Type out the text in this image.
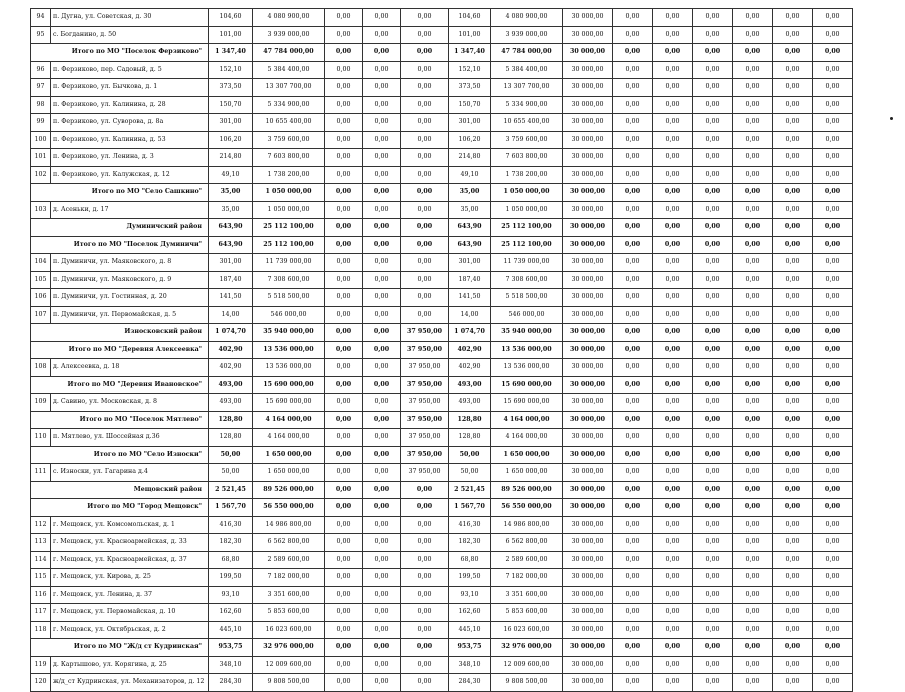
94	п. Дугна, ул. Советская, д. 30	104,60	4 080 900,00	0,00	0,00	0,00	104,60	4 080 900,00	30 000,00	0,00	0,00	0,00	0,00	0,00	0,00
95	с. Богданино, д. 50	101,00	3 939 000,00	0,00	0,00	0,00	101,00	3 939 000,00	30 000,00	0,00	0,00	0,00	0,00	0,00	0,00
Итого по МО "Поселок Ферзиково"		1 347,40	47 784 000,00	0,00	0,00	0,00	1 347,40	47 784 000,00	30 000,00	0,00	0,00	0,00	0,00	0,00	0,00
96	п. Ферзиково, пер. Садовый, д. 5	152,10	5 384 400,00	0,00	0,00	0,00	152,10	5 384 400,00	30 000,00	0,00	0,00	0,00	0,00	0,00	0,00
97	п. Ферзиково, ул. Бычкова, д. 1	373,50	13 307 700,00	0,00	0,00	0,00	373,50	13 307 700,00	30 000,00	0,00	0,00	0,00	0,00	0,00	0,00
98	п. Ферзиково, ул. Калинина, д. 28	150,70	5 334 900,00	0,00	0,00	0,00	150,70	5 334 900,00	30 000,00	0,00	0,00	0,00	0,00	0,00	0,00
99	п. Ферзиково, ул. Суворова, д. 8а	301,00	10 655 400,00	0,00	0,00	0,00	301,00	10 655 400,00	30 000,00	0,00	0,00	0,00	0,00	0,00	0,00
100	п. Ферзиково, ул. Калинина, д. 53	106,20	3 759 600,00	0,00	0,00	0,00	106,20	3 759 600,00	30 000,00	0,00	0,00	0,00	0,00	0,00	0,00
101	п. Ферзиково, ул. Ленина, д. 3	214,80	7 603 800,00	0,00	0,00	0,00	214,80	7 603 800,00	30 000,00	0,00	0,00	0,00	0,00	0,00	0,00
102	п. Ферзиково, ул. Калужская, д. 12	49,10	1 738 200,00	0,00	0,00	0,00	49,10	1 738 200,00	30 000,00	0,00	0,00	0,00	0,00	0,00	0,00
Итого по МО "Село Сашкино"		35,00	1 050 000,00	0,00	0,00	0,00	35,00	1 050 000,00	30 000,00	0,00	0,00	0,00	0,00	0,00	0,00
103	д. Асеньки, д. 17	35,00	1 050 000,00	0,00	0,00	0,00	35,00	1 050 000,00	30 000,00	0,00	0,00	0,00	0,00	0,00	0,00
Думиничский район		643,90	25 112 100,00	0,00	0,00	0,00	643,90	25 112 100,00	30 000,00	0,00	0,00	0,00	0,00	0,00	0,00
Итого по МО "Поселок Думиничи"		643,90	25 112 100,00	0,00	0,00	0,00	643,90	25 112 100,00	30 000,00	0,00	0,00	0,00	0,00	0,00	0,00
104	п. Думиничи, ул. Маяковского, д. 8	301,00	11 739 000,00	0,00	0,00	0,00	301,00	11 739 000,00	30 000,00	0,00	0,00	0,00	0,00	0,00	0,00
105	п. Думиничи, ул. Маяковского, д. 9	187,40	7 308 600,00	0,00	0,00	0,00	187,40	7 308 600,00	30 000,00	0,00	0,00	0,00	0,00	0,00	0,00
106	п. Думиничи, ул. Гостинная, д. 20	141,50	5 518 500,00	0,00	0,00	0,00	141,50	5 518 500,00	30 000,00	0,00	0,00	0,00	0,00	0,00	0,00
107	п. Думиничи, ул. Первомайская, д. 5	14,00	546 000,00	0,00	0,00	0,00	14,00	546 000,00	30 000,00	0,00	0,00	0,00	0,00	0,00	0,00
Износковский район		1 074,70	35 940 000,00	0,00	0,00	37 950,00	1 074,70	35 940 000,00	30 000,00	0,00	0,00	0,00	0,00	0,00	0,00
Итого по МО "Деревня Алексеевка"		402,90	13 536 000,00	0,00	0,00	37 950,00	402,90	13 536 000,00	30 000,00	0,00	0,00	0,00	0,00	0,00	0,00
108	д. Алексеевка, д. 18	402,90	13 536 000,00	0,00	0,00	37 950,00	402,90	13 536 000,00	30 000,00	0,00	0,00	0,00	0,00	0,00	0,00
Итого по МО "Деревня Ивановское"		493,00	15 690 000,00	0,00	0,00	37 950,00	493,00	15 690 000,00	30 000,00	0,00	0,00	0,00	0,00	0,00	0,00
109	д. Савино, ул. Московская, д. 8	493,00	15 690 000,00	0,00	0,00	37 950,00	493,00	15 690 000,00	30 000,00	0,00	0,00	0,00	0,00	0,00	0,00
Итого по МО "Поселок Мятлево"		128,80	4 164 000,00	0,00	0,00	37 950,00	128,80	4 164 000,00	30 000,00	0,00	0,00	0,00	0,00	0,00	0,00
110	п. Мятлево, ул. Шоссейная д.36	128,80	4 164 000,00	0,00	0,00	37 950,00	128,80	4 164 000,00	30 000,00	0,00	0,00	0,00	0,00	0,00	0,00
Итого по МО "Село Износки"		50,00	1 650 000,00	0,00	0,00	37 950,00	50,00	1 650 000,00	30 000,00	0,00	0,00	0,00	0,00	0,00	0,00
111	с. Износки, ул. Гагарина д.4	50,00	1 650 000,00	0,00	0,00	37 950,00	50,00	1 650 000,00	30 000,00	0,00	0,00	0,00	0,00	0,00	0,00
Мещовский район		2 521,45	89 526 000,00	0,00	0,00	0,00	2 521,45	89 526 000,00	30 000,00	0,00	0,00	0,00	0,00	0,00	0,00
Итого по МО "Город Мещовск"		1 567,70	56 550 000,00	0,00	0,00	0,00	1 567,70	56 550 000,00	30 000,00	0,00	0,00	0,00	0,00	0,00	0,00
112	г. Мещовск, ул. Комсомольская, д. 1	416,30	14 986 800,00	0,00	0,00	0,00	416,30	14 986 800,00	30 000,00	0,00	0,00	0,00	0,00	0,00	0,00
113	г. Мещовск, ул. Красноармейская, д. 33	182,30	6 562 800,00	0,00	0,00	0,00	182,30	6 562 800,00	30 000,00	0,00	0,00	0,00	0,00	0,00	0,00
114	г. Мещовск, ул. Красноармейская, д. 37	68,80	2 589 600,00	0,00	0,00	0,00	68,80	2 589 600,00	30 000,00	0,00	0,00	0,00	0,00	0,00	0,00
115	г. Мещовск, ул. Кирова, д. 25	199,50	7 182 000,00	0,00	0,00	0,00	199,50	7 182 000,00	30 000,00	0,00	0,00	0,00	0,00	0,00	0,00
116	г. Мещовск, ул. Ленина, д. 37	93,10	3 351 600,00	0,00	0,00	0,00	93,10	3 351 600,00	30 000,00	0,00	0,00	0,00	0,00	0,00	0,00
117	г. Мещовск, ул. Первомайская, д. 10	162,60	5 853 600,00	0,00	0,00	0,00	162,60	5 853 600,00	30 000,00	0,00	0,00	0,00	0,00	0,00	0,00
118	г. Мещовск, ул. Октябрьская, д. 2	445,10	16 023 600,00	0,00	0,00	0,00	445,10	16 023 600,00	30 000,00	0,00	0,00	0,00	0,00	0,00	0,00
Итого по МО "Ж/д ст Кудринская"		953,75	32 976 000,00	0,00	0,00	0,00	953,75	32 976 000,00	30 000,00	0,00	0,00	0,00	0,00	0,00	0,00
119	д. Картышово, ул. Корягина, д. 25	348,10	12 009 600,00	0,00	0,00	0,00	348,10	12 009 600,00	30 000,00	0,00	0,00	0,00	0,00	0,00	0,00
120	ж/д_ст Кудринская, ул. Механизаторов, д. 12	284,30	9 808 500,00	0,00	0,00	0,00	284,30	9 808 500,00	30 000,00	0,00	0,00	0,00	0,00	0,00	0,00
